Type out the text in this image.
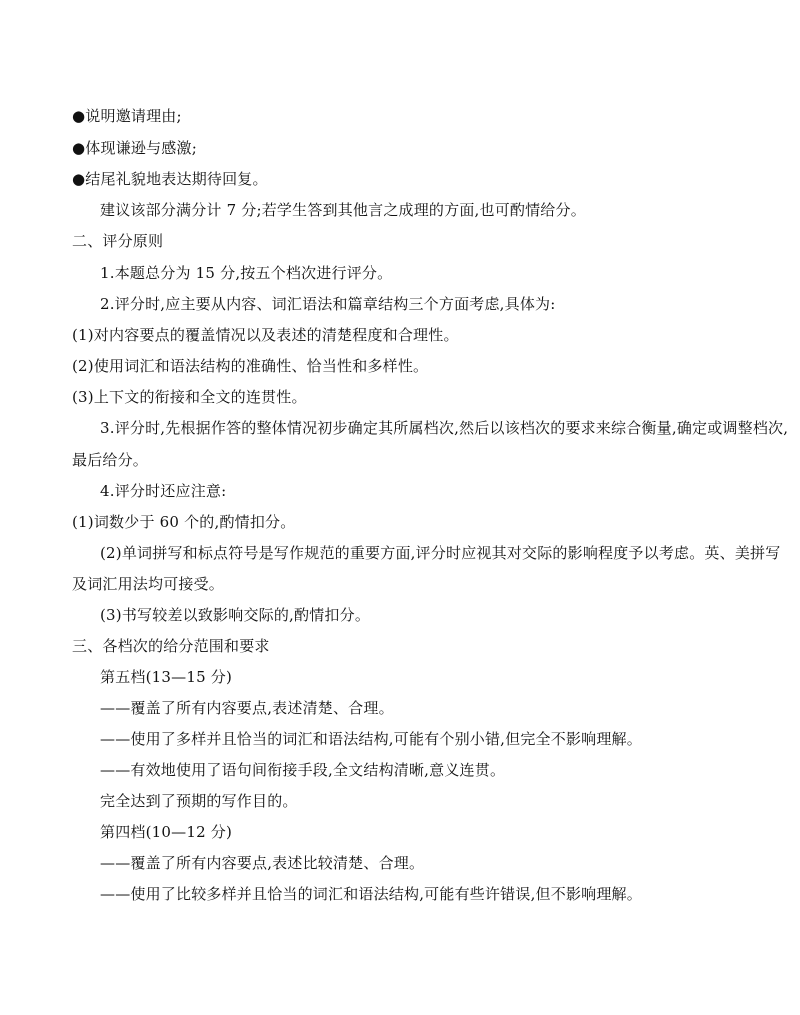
●说明邀请理由;
●体现谦逊与感激;
●结尾礼貌地表达期待回复。
建议该部分满分计 7 分;若学生答到其他言之成理的方面,也可酌情给分。
二、评分原则
1.本题总分为 15 分,按五个档次进行评分。
2.评分时,应主要从内容、词汇语法和篇章结构三个方面考虑,具体为:
(1)对内容要点的覆盖情况以及表述的清楚程度和合理性。
(2)使用词汇和语法结构的准确性、恰当性和多样性。
(3)上下文的衔接和全文的连贯性。
3.评分时,先根据作答的整体情况初步确定其所属档次,然后以该档次的要求来综合衡量,确定或调整档次,
最后给分。
4.评分时还应注意:
(1)词数少于 60 个的,酌情扣分。
(2)单词拼写和标点符号是写作规范的重要方面,评分时应视其对交际的影响程度予以考虑。英、美拼写
及词汇用法均可接受。
(3)书写较差以致影响交际的,酌情扣分。
三、各档次的给分范围和要求
第五档(13—15 分)
——覆盖了所有内容要点,表述清楚、合理。
——使用了多样并且恰当的词汇和语法结构,可能有个别小错,但完全不影响理解。
——有效地使用了语句间衔接手段,全文结构清晰,意义连贯。
完全达到了预期的写作目的。
第四档(10—12 分)
——覆盖了所有内容要点,表述比较清楚、合理。
——使用了比较多样并且恰当的词汇和语法结构,可能有些许错误,但不影响理解。
